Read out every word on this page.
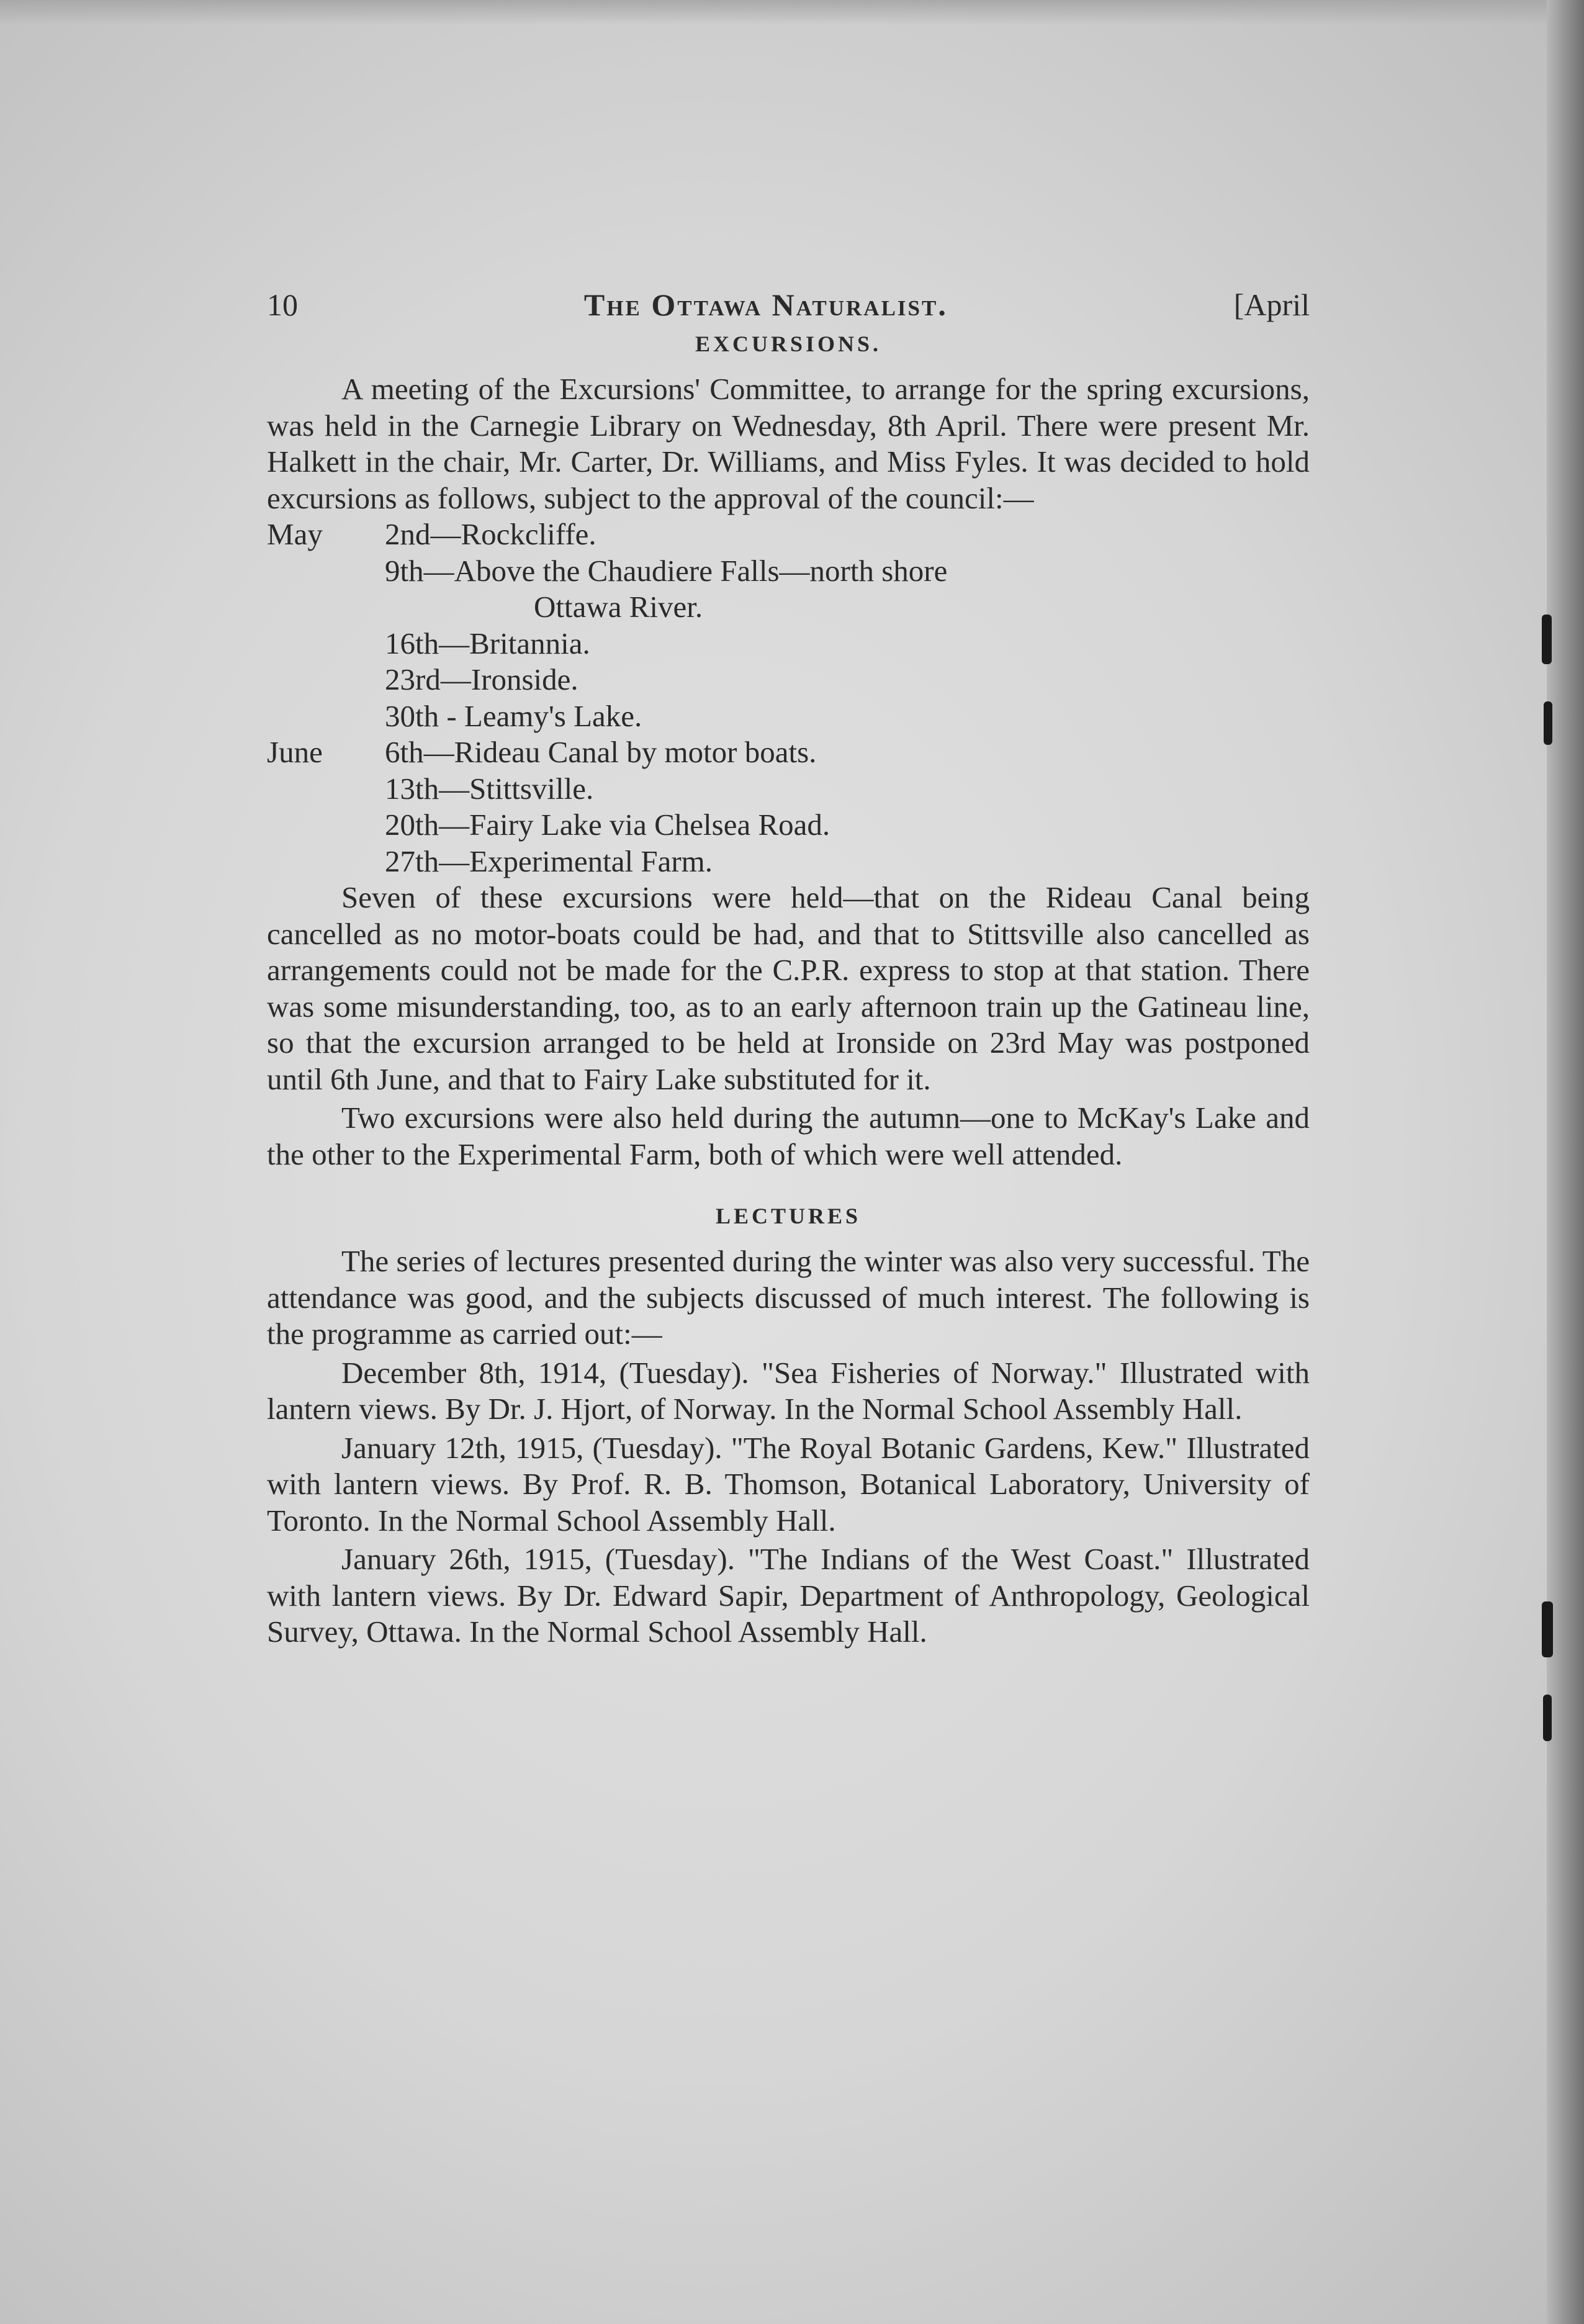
10	The Ottawa Naturalist.	[April
EXCURSIONS.

A meeting of the Excursions' Committee, to arrange for the spring excursions, was held in the Carnegie Library on Wednesday, 8th April. There were present Mr. Halkett in the chair, Mr. Carter, Dr. Williams, and Miss Fyles. It was decided to hold excursions as follows, subject to the approval of the council:—

May	2nd—Rockcliffe.
9th—Above the Chaudiere Falls—north shore
Ottawa River.
16th—Britannia.
23rd—Ironside.
30th - Leamy's Lake.
June	6th—Rideau Canal by motor boats.
13th—Stittsville.
20th—Fairy Lake via Chelsea Road.
27th—Experimental Farm.

Seven of these excursions were held—that on the Rideau Canal being cancelled as no motor-boats could be had, and that to Stittsville also cancelled as arrangements could not be made for the C.P.R. express to stop at that station. There was some misunderstanding, too, as to an early afternoon train up the Gatineau line, so that the excursion arranged to be held at Ironside on 23rd May was postponed until 6th June, and that to Fairy Lake substituted for it.

Two excursions were also held during the autumn—one to McKay's Lake and the other to the Experimental Farm, both of which were well attended.

LECTURES

The series of lectures presented during the winter was also very successful. The attendance was good, and the subjects discussed of much interest. The following is the programme as carried out:—

December 8th, 1914, (Tuesday). "Sea Fisheries of Norway." Illustrated with lantern views. By Dr. J. Hjort, of Norway. In the Normal School Assembly Hall.

January 12th, 1915, (Tuesday). "The Royal Botanic Gardens, Kew." Illustrated with lantern views. By Prof. R. B. Thomson, Botanical Laboratory, University of Toronto. In the Normal School Assembly Hall.

January 26th, 1915, (Tuesday). "The Indians of the West Coast." Illustrated with lantern views. By Dr. Edward Sapir, Department of Anthropology, Geological Survey, Ottawa. In the Normal School Assembly Hall.
